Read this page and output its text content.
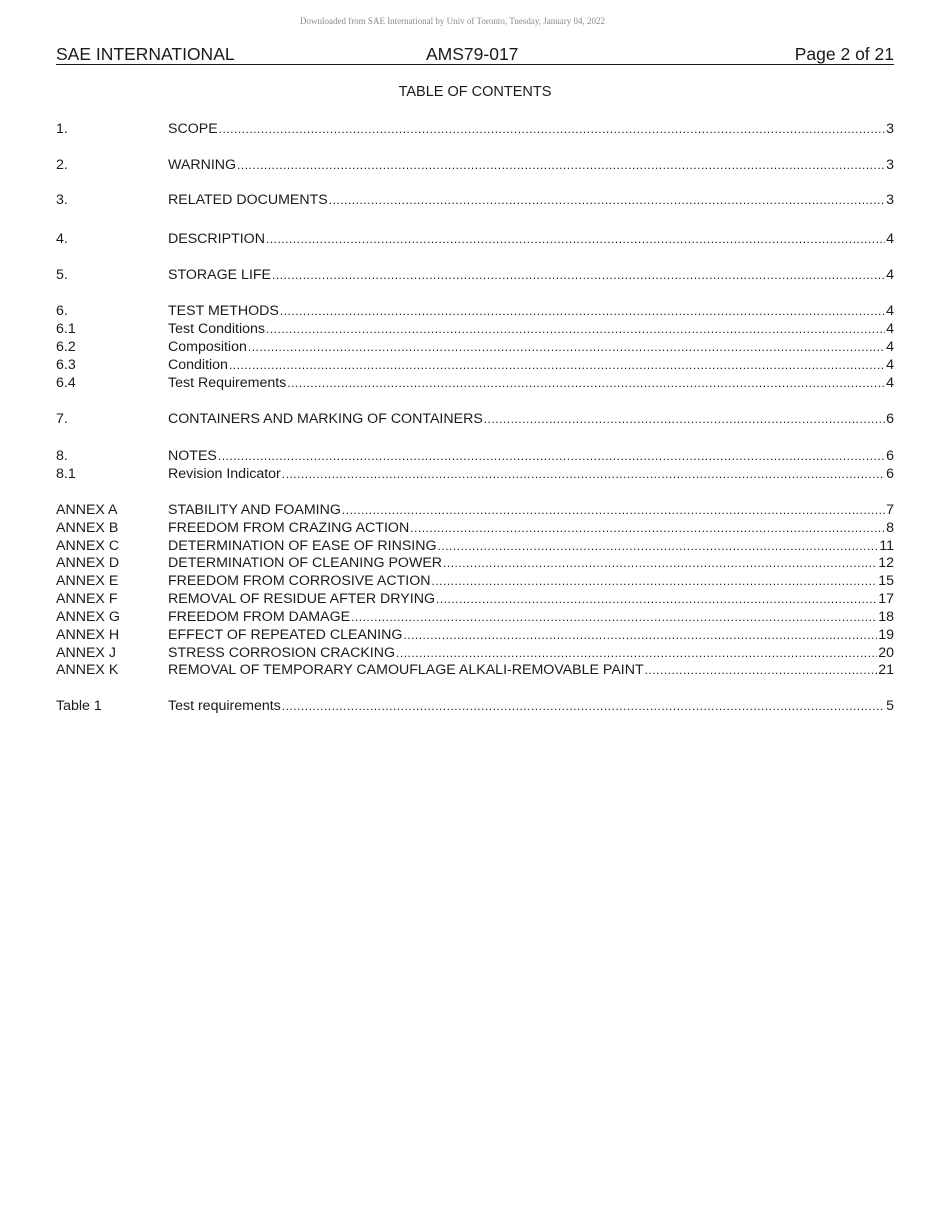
Downloaded from SAE International by Univ of Toronto, Tuesday, January 04, 2022
SAE INTERNATIONAL	AMS79-017	Page 2 of 21
TABLE OF CONTENTS
1.	SCOPE .....	3
2.	WARNING .....	3
3.	RELATED DOCUMENTS .....	3
4.	DESCRIPTION .....	4
5.	STORAGE LIFE .....	4
6.	TEST METHODS .....	4
6.1	Test Conditions .....	4
6.2	Composition .....	4
6.3	Condition .....	4
6.4	Test Requirements .....	4
7.	CONTAINERS AND MARKING OF CONTAINERS .....	6
8.	NOTES .....	6
8.1	Revision Indicator .....	6
ANNEX A	STABILITY AND FOAMING .....	7
ANNEX B	FREEDOM FROM CRAZING ACTION .....	8
ANNEX C	DETERMINATION OF EASE OF RINSING .....	11
ANNEX D	DETERMINATION OF CLEANING POWER .....	12
ANNEX E	FREEDOM FROM CORROSIVE ACTION .....	15
ANNEX F	REMOVAL OF RESIDUE AFTER DRYING .....	17
ANNEX G	FREEDOM FROM DAMAGE .....	18
ANNEX H	EFFECT OF REPEATED CLEANING .....	19
ANNEX J	STRESS CORROSION CRACKING .....	20
ANNEX K	REMOVAL OF TEMPORARY CAMOUFLAGE ALKALI-REMOVABLE PAINT .....	21
Table 1	Test requirements .....	5
